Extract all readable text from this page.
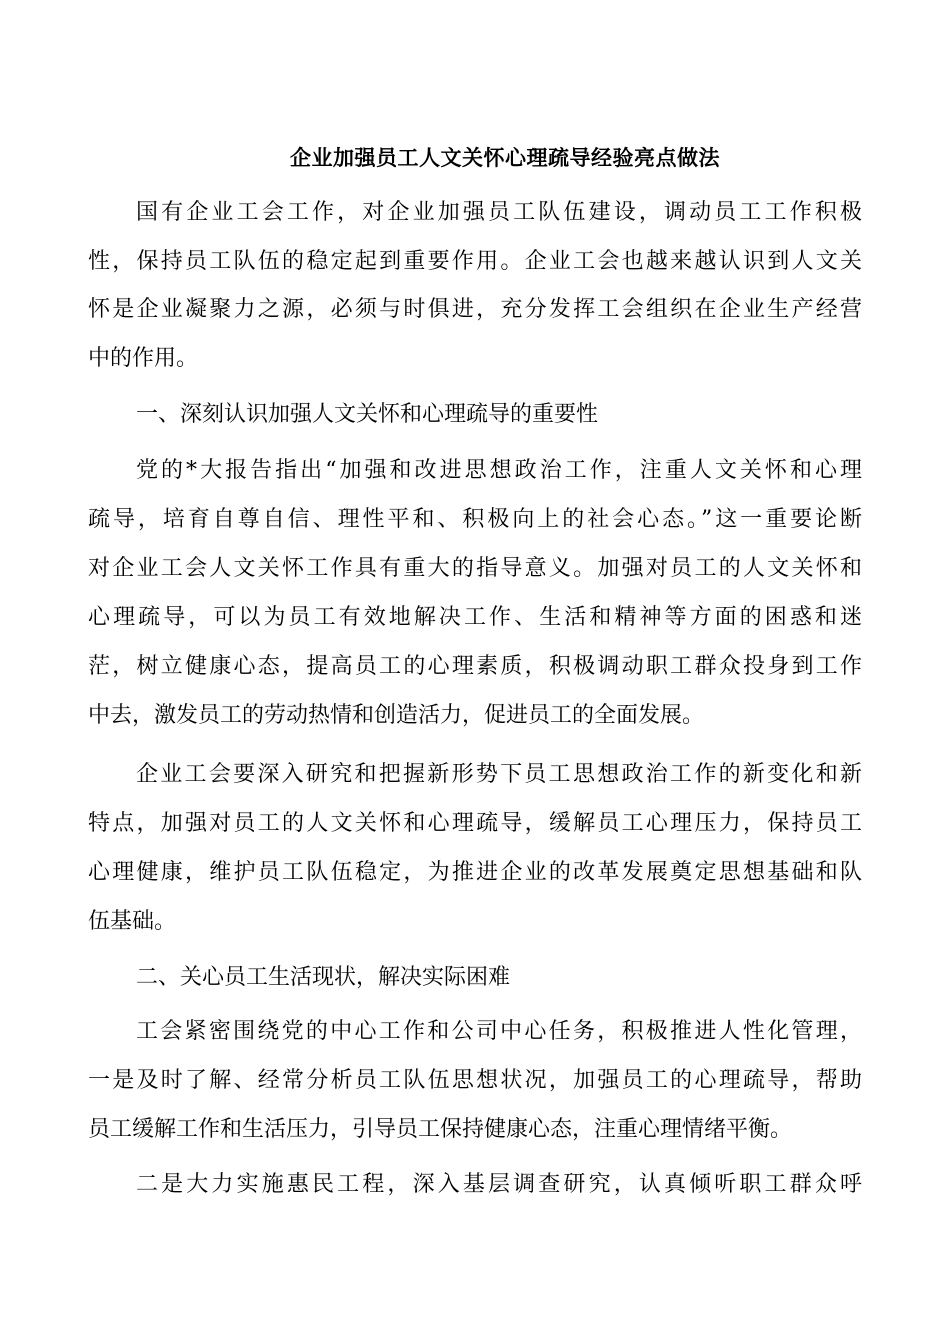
企业加强员工人文关怀心理疏导经验亮点做法
国有企业工会工作，对企业加强员工队伍建设，调动员工工作积极
性，保持员工队伍的稳定起到重要作用。企业工会也越来越认识到人文关
怀是企业凝聚力之源，必须与时俱进，充分发挥工会组织在企业生产经营
中的作用。
一、深刻认识加强人文关怀和心理疏导的重要性
党的*大报告指出“加强和改进思想政治工作，注重人文关怀和心理
疏导，培育自尊自信、理性平和、积极向上的社会心态。”这一重要论断
对企业工会人文关怀工作具有重大的指导意义。加强对员工的人文关怀和
心理疏导，可以为员工有效地解决工作、生活和精神等方面的困惑和迷
茫，树立健康心态，提高员工的心理素质，积极调动职工群众投身到工作
中去，激发员工的劳动热情和创造活力，促进员工的全面发展。
企业工会要深入研究和把握新形势下员工思想政治工作的新变化和新
特点，加强对员工的人文关怀和心理疏导，缓解员工心理压力，保持员工
心理健康，维护员工队伍稳定，为推进企业的改革发展奠定思想基础和队
伍基础。
二、关心员工生活现状，解决实际困难
工会紧密围绕党的中心工作和公司中心任务，积极推进人性化管理，
一是及时了解、经常分析员工队伍思想状况，加强员工的心理疏导，帮助
员工缓解工作和生活压力，引导员工保持健康心态，注重心理情绪平衡。
二是大力实施惠民工程，深入基层调查研究，认真倾听职工群众呼
